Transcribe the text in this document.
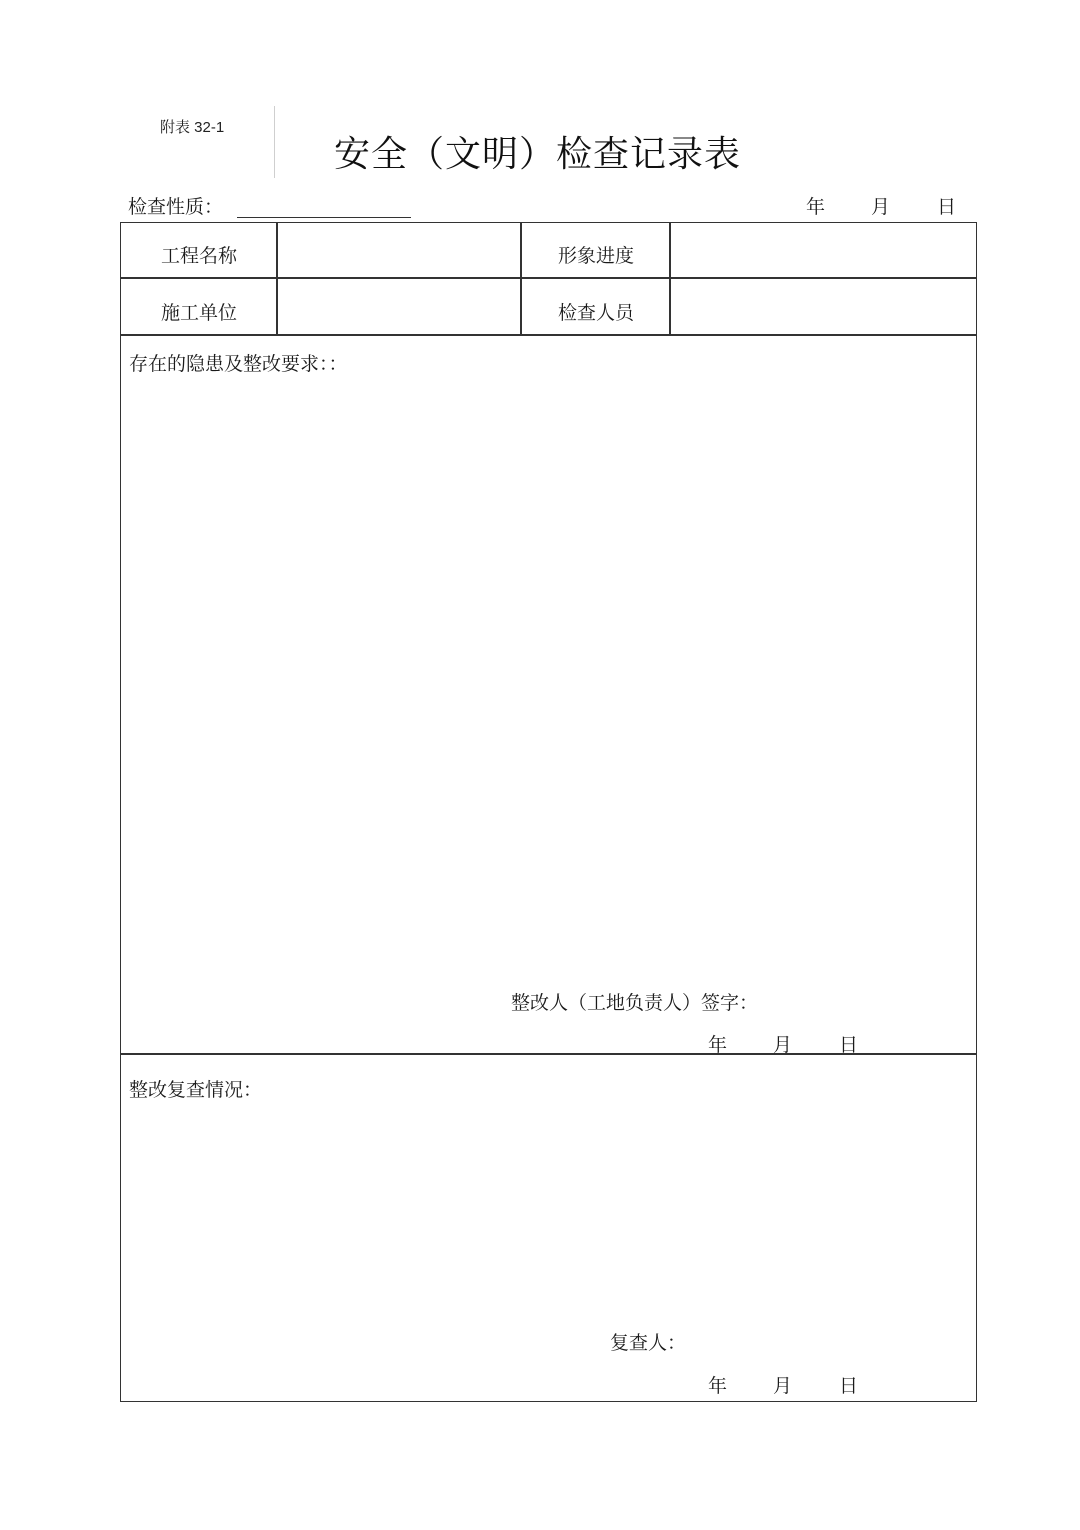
附表 32-1
安全（文明）检查记录表
检查性质：	年 月 日
工程名称	形象进度
施工单位	检查人员
存在的隐患及整改要求：：
整改人（工地负责人）签字：
年 月 日
整改复查情况：
复查人：
年 月 日
